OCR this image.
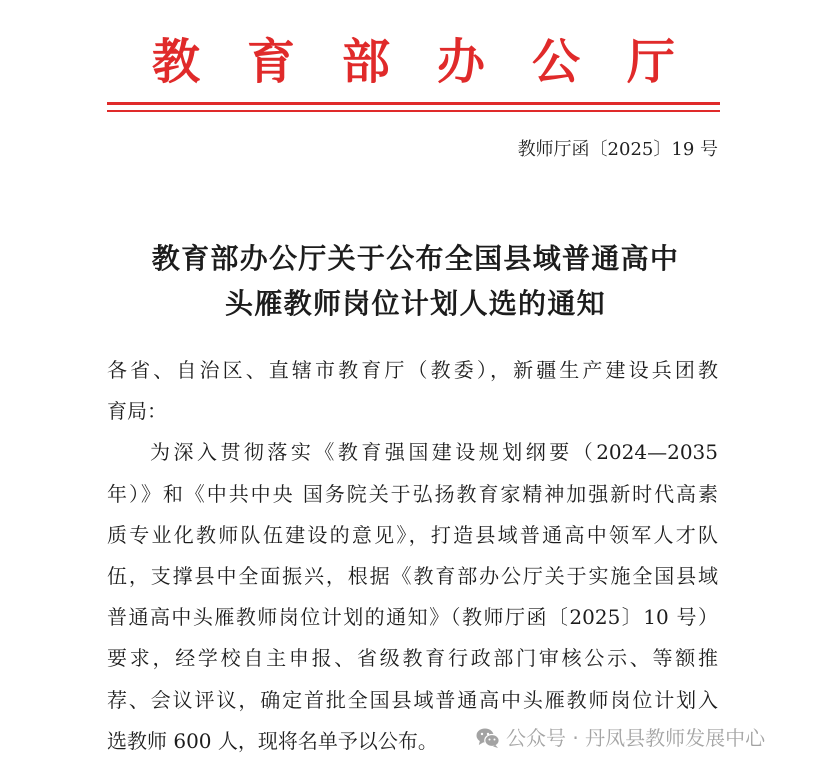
教育部办公厅
教师厅函〔2025〕19 号
教育部办公厅关于公布全国县域普通高中
头雁教师岗位计划人选的通知
各省、自治区、直辖市教育厅（教委），新疆生产建设兵团教
育局：
为深入贯彻落实《教育强国建设规划纲要（2024—2035
年）》和《中共中央 国务院关于弘扬教育家精神加强新时代高素
质专业化教师队伍建设的意见》，打造县域普通高中领军人才队
伍，支撑县中全面振兴，根据《教育部办公厅关于实施全国县域
普通高中头雁教师岗位计划的通知》（教师厅函〔2025〕10 号）
要求，经学校自主申报、省级教育行政部门审核公示、等额推
荐、会议评议，确定首批全国县域普通高中头雁教师岗位计划入
选教师 600 人，现将名单予以公布。	公众号 · 丹凤县教师发展中心
